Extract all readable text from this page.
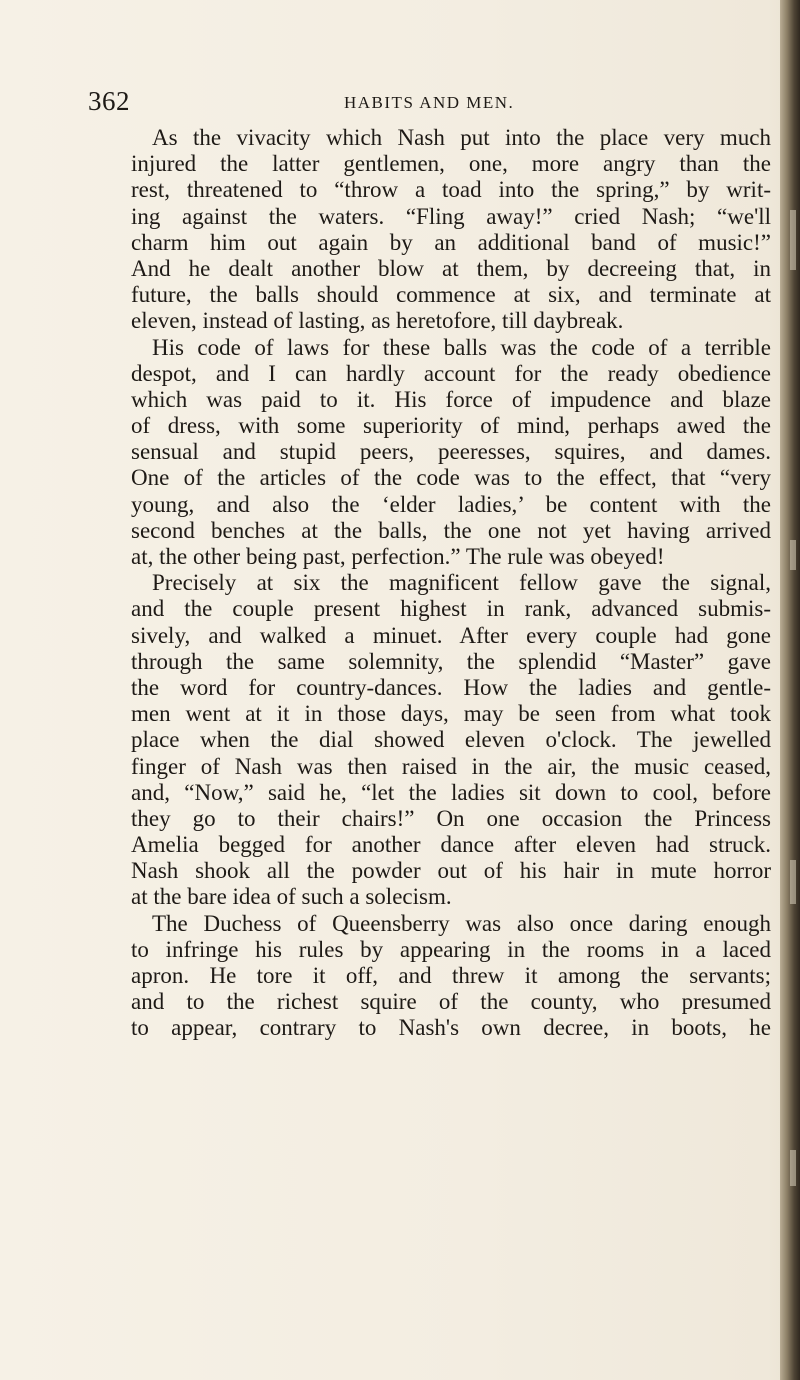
362	HABITS AND MEN.
As the vivacity which Nash put into the place very much
injured the latter gentlemen, one, more angry than the
rest, threatened to “throw a toad into the spring,” by writ-
ing against the waters. “Fling away!” cried Nash; “we'll
charm him out again by an additional band of music!”
And he dealt another blow at them, by decreeing that, in
future, the balls should commence at six, and terminate at
eleven, instead of lasting, as heretofore, till daybreak.
His code of laws for these balls was the code of a terrible
despot, and I can hardly account for the ready obedience
which was paid to it. His force of impudence and blaze
of dress, with some superiority of mind, perhaps awed the
sensual and stupid peers, peeresses, squires, and dames.
One of the articles of the code was to the effect, that “very
young, and also the ‘elder ladies,’ be content with the
second benches at the balls, the one not yet having arrived
at, the other being past, perfection.” The rule was obeyed!
Precisely at six the magnificent fellow gave the signal,
and the couple present highest in rank, advanced submis-
sively, and walked a minuet. After every couple had gone
through the same solemnity, the splendid “Master” gave
the word for country-dances. How the ladies and gentle-
men went at it in those days, may be seen from what took
place when the dial showed eleven o'clock. The jewelled
finger of Nash was then raised in the air, the music ceased,
and, “Now,” said he, “let the ladies sit down to cool, before
they go to their chairs!” On one occasion the Princess
Amelia begged for another dance after eleven had struck.
Nash shook all the powder out of his hair in mute horror
at the bare idea of such a solecism.
The Duchess of Queensberry was also once daring enough
to infringe his rules by appearing in the rooms in a laced
apron. He tore it off, and threw it among the servants;
and to the richest squire of the county, who presumed
to appear, contrary to Nash's own decree, in boots, he
